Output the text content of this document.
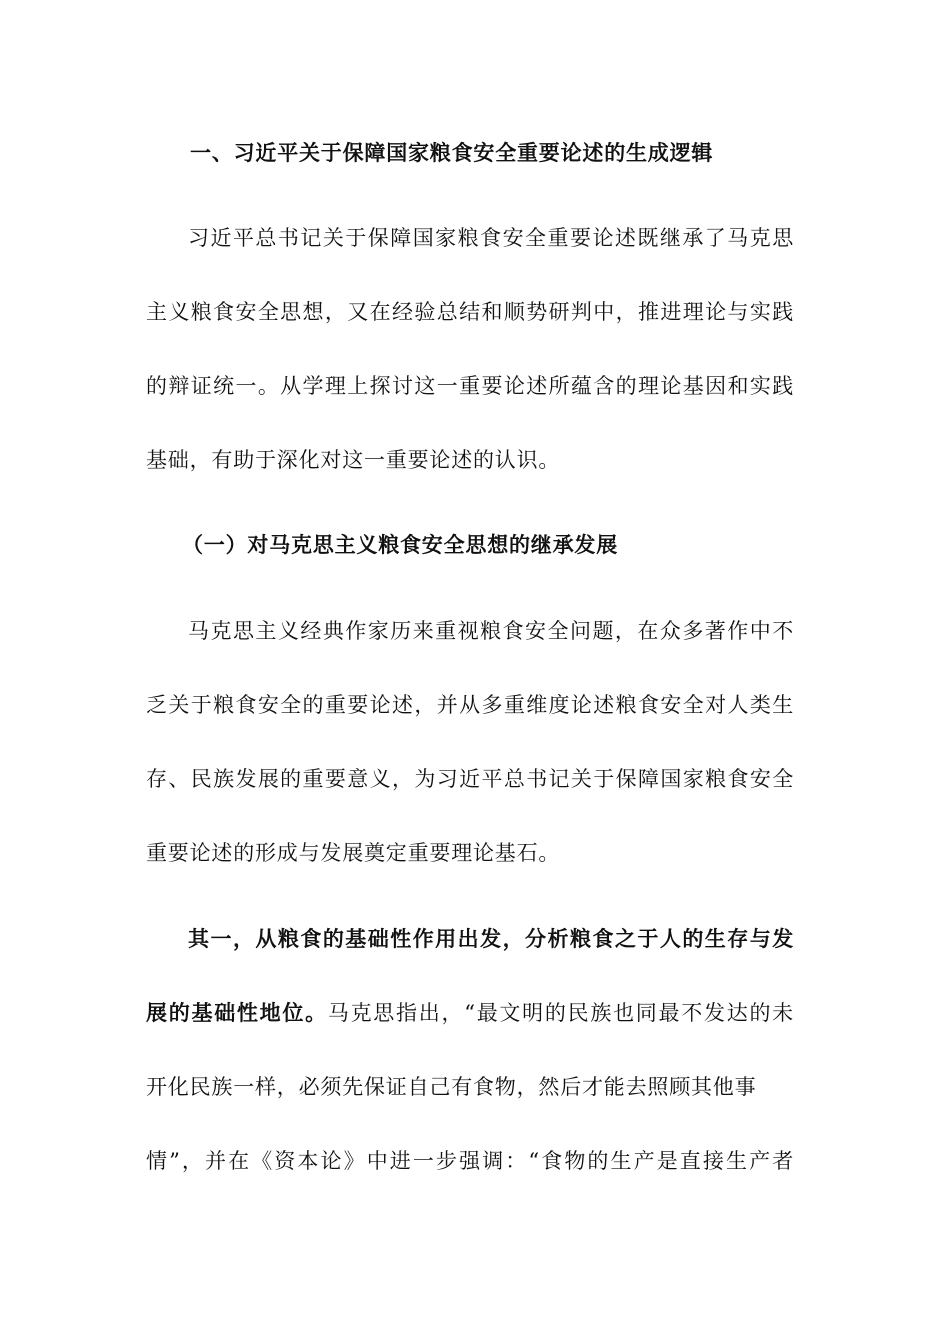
一、习近平关于保障国家粮食安全重要论述的生成逻辑
习近平总书记关于保障国家粮食安全重要论述既继承了马克思
主义粮食安全思想，又在经验总结和顺势研判中，推进理论与实践
的辩证统一。从学理上探讨这一重要论述所蕴含的理论基因和实践
基础，有助于深化对这一重要论述的认识。
（一）对马克思主义粮食安全思想的继承发展
马克思主义经典作家历来重视粮食安全问题，在众多著作中不
乏关于粮食安全的重要论述，并从多重维度论述粮食安全对人类生
存、民族发展的重要意义，为习近平总书记关于保障国家粮食安全
重要论述的形成与发展奠定重要理论基石。
其一，从粮食的基础性作用出发，分析粮食之于人的生存与发
展的基础性地位。马克思指出，“最文明的民族也同最不发达的未
开化民族一样，必须先保证自己有食物，然后才能去照顾其他事
情”，并在《资本论》中进一步强调：“食物的生产是直接生产者
